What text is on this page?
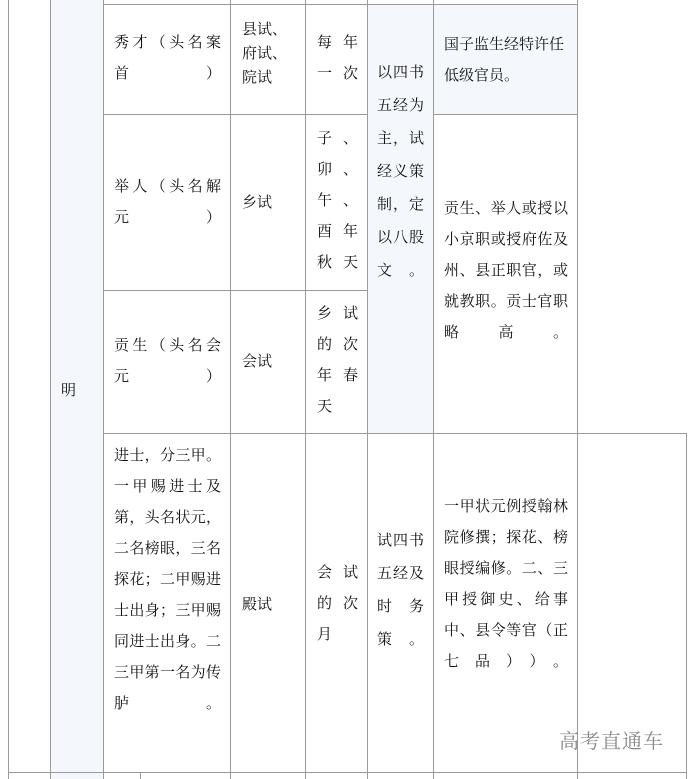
明
秀才（头名案首）
县试、府试、院试
每年一次
举人（头名解元）
乡试
子、卯、午、酉年秋天
贡生（头名会元）
会试
乡试的次年春天
进士，分三甲。一甲赐进士及第，头名状元，二名榜眼，三名探花；二甲赐进士出身；三甲赐同进士出身。二三甲第一名为传胪。
殿试
会试的次月
以四书五经为主，试经义策制，定以八股文。
试四书五经及时务策。
国子监生经特许任低级官员。
贡生、举人或授以小京职或授府佐及州、县正职官，或就教职。贡士官职略高。
一甲状元例授翰林院修撰；探花、榜眼授编修。二、三甲授御史、给事中、县令等官（正七品））。
高考直通车
